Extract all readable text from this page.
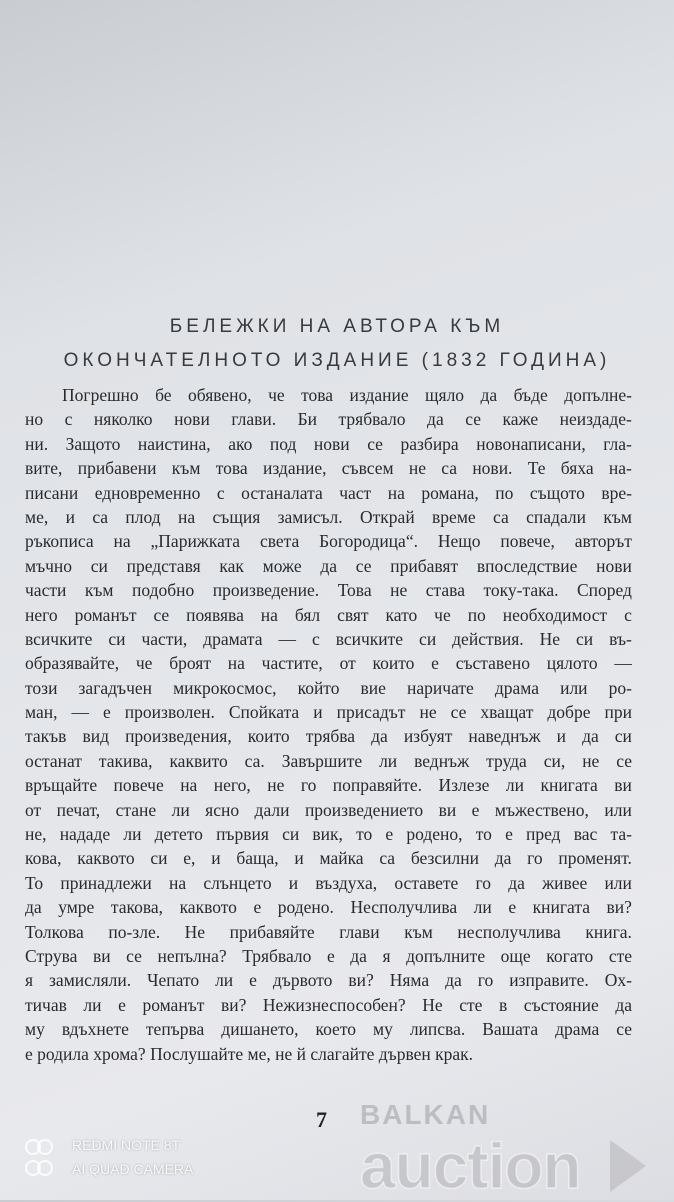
БЕЛЕЖКИ НА АВТОРА КЪМ
ОКОНЧАТЕЛНОТО ИЗДАНИЕ (1832 ГОДИНА)
Погрешно бе обявено, че това издание щяло да бъде допълне-
но с няколко нови глави. Би трябвало да се каже неиздаде-
ни. Защото наистина, ако под нови се разбира новонаписани, гла-
вите, прибавени към това издание, съвсем не са нови. Те бяха на-
писани едновременно с останалата част на романа, по същото вре-
ме, и са плод на същия замисъл. Открай време са спадали към
ръкописа на „Парижката света Богородица“. Нещо повече, авторът
мъчно си представя как може да се прибавят впоследствие нови
части към подобно произведение. Това не става току-така. Според
него романът се появява на бял свят като че по необходимост с
всичките си части, драмата — с всичките си действия. Не си въ-
образявайте, че броят на частите, от които е съставено цялото —
този загадъчен микрокосмос, който вие наричате драма или ро-
ман, — е произволен. Спойката и присадът не се хващат добре при
такъв вид произведения, които трябва да избуят наведнъж и да си
останат такива, каквито са. Завършите ли веднъж труда си, не се
връщайте повече на него, не го поправяйте. Излезе ли книгата ви
от печат, стане ли ясно дали произведението ви е мъжествено, или
не, нададе ли детето първия си вик, то е родено, то е пред вас та-
кова, каквото си е, и баща, и майка са безсилни да го променят.
То принадлежи на слънцето и въздуха, оставете го да живее или
да умре такова, каквото е родено. Несполучлива ли е книгата ви?
Толкова по-зле. Не прибавяйте глави към несполучлива книга.
Струва ви се непълна? Трябвало е да я допълните още когато сте
я замисляли. Чепато ли е дървото ви? Няма да го изправите. Ох-
тичав ли е романът ви? Нежизнеспособен? Не сте в състояние да
му вдъхнете тепърва дишането, което му липсва. Вашата драма се
е родила хрома? Послушайте ме, не й слагайте дървен крак.
auction
BALKAN
7
REDMI NOTE 8T
AI QUAD CAMERA
